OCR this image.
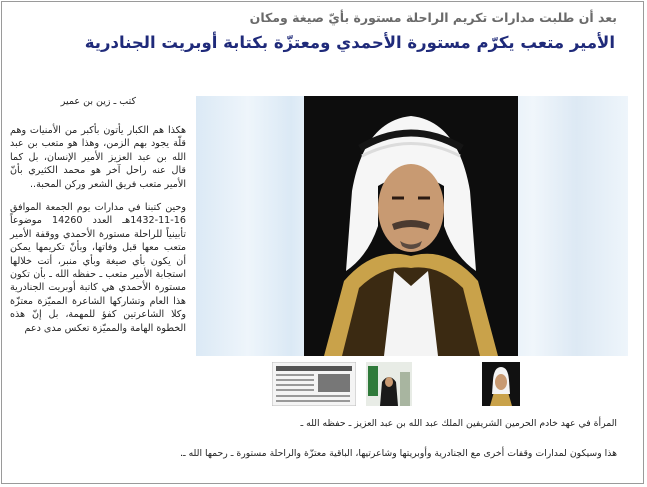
بعد أن طلبت مدارات تكريم الراحلة مستورة بأيّ صيغة ومكان
الأمير متعب يكرّم مستورة الأحمدي ومعتزّة بكتابة أوبريت الجنادرية
كتب ـ زين بن عمير

هكذا هم الكبار يأتون بأكبر من الأمنيات وهم قلّة يجود بهم الزمن، وهذا هو متعب بن عبد الله بن عبد العزيز الأمير الإنسان، بل كما قال عنه راحل آخر هو محمد الكثيري بأنّ الأمير متعب فريق الشعر وركن المحبة..

وحين كتبنا في مدارات يوم الجمعة الموافق 16-11-1432هـ العدد 14260 موضوعاً تأبينياً للراحلة مستورة الأحمدي ووقفة الأمير متعب معها قبل وفاتها، وبأنّ تكريمها يمكن أن يكون بأي صيغة وبأي منبر، أتت خلالها استجابة الأمير متعب ـ حفظه الله ـ بأن تكون مستورة الأحمدي هي كاتبة أوبريت الجنادرية هذا العام وتشاركها الشاعرة المميّزة معتزّة وكلا الشاعرتين كفؤ للمهمة، بل إنّ هذه الخطوة الهامة والمميّزة تعكس مدى دعم

المرأة في عهد خادم الحرمين الشريفين الملك عبد الله بن عبد العزيز ـ حفظه الله ـ
هذا وسيكون لمدارات وقفات أخرى مع الجنادرية وأوبريتها وشاعرتيها، الباقية معتزّة والراحلة مستورة ـ رحمها الله ـ.
